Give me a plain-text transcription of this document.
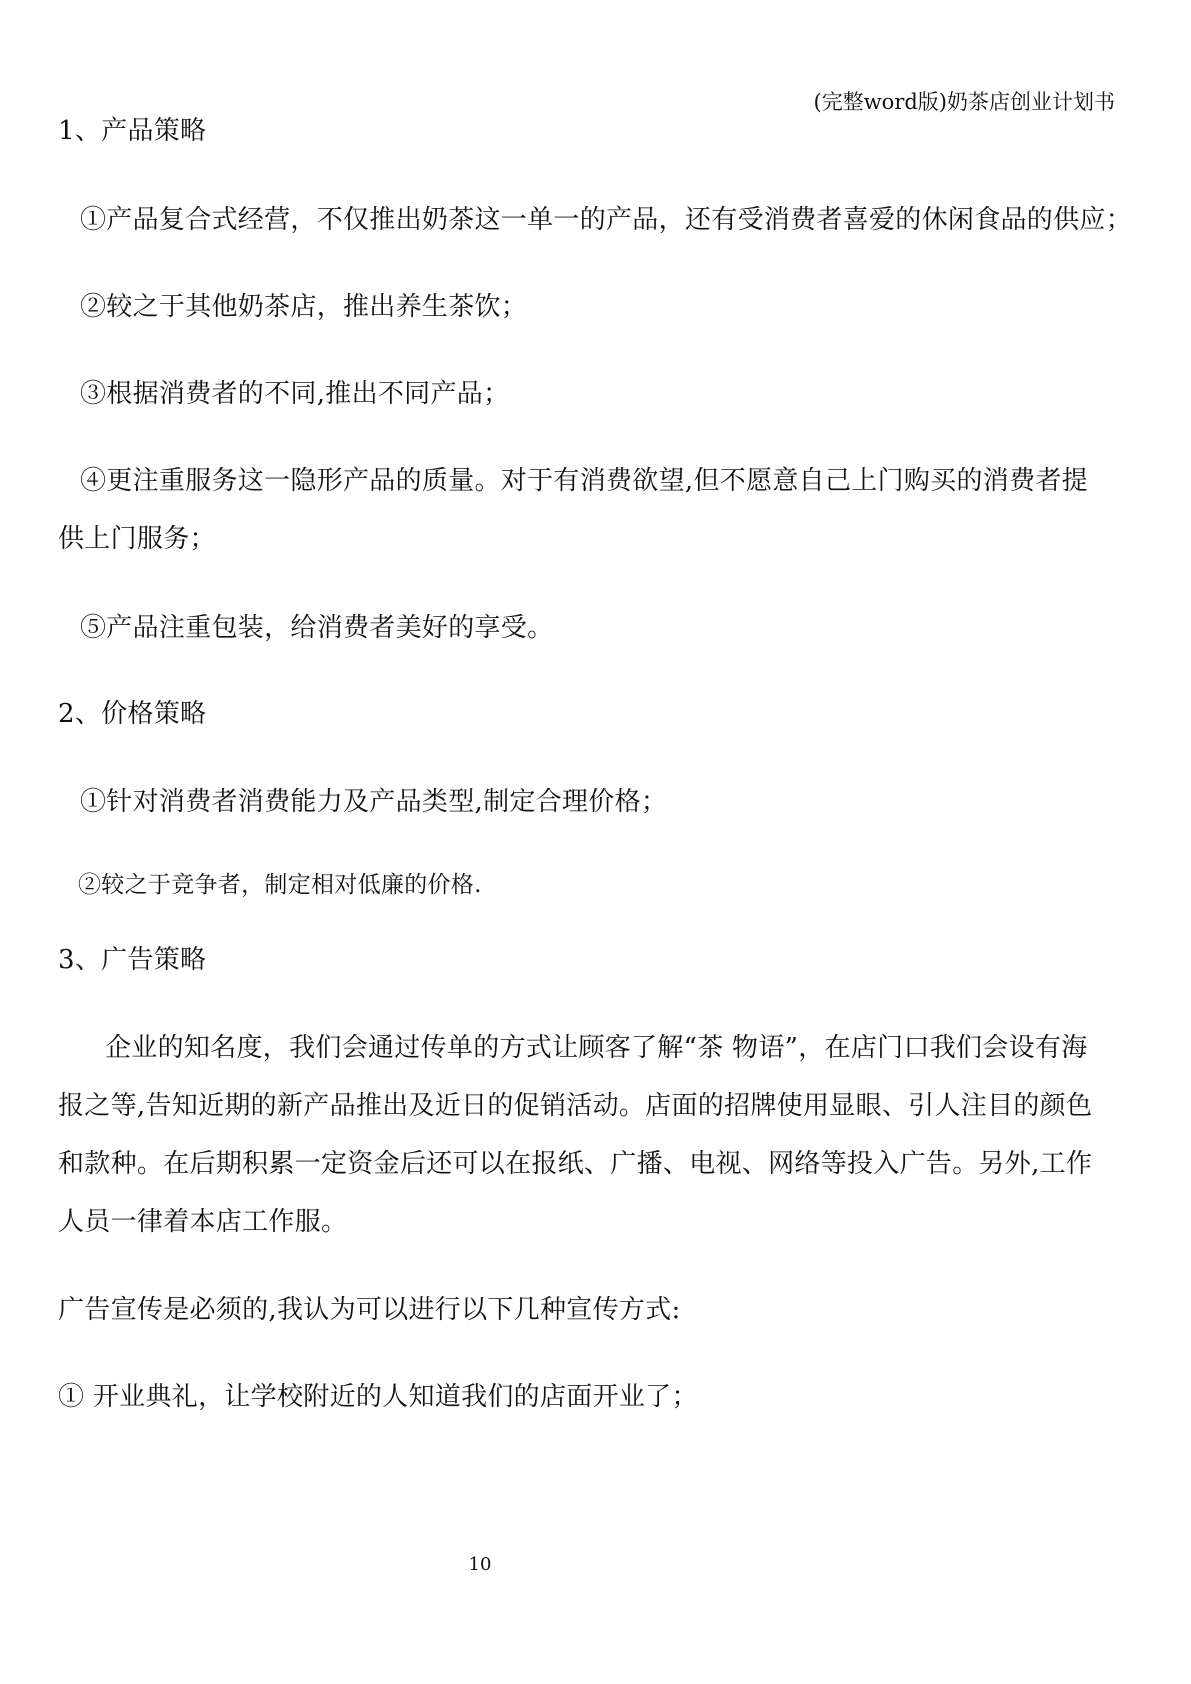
(完整word版)奶茶店创业计划书
1、产品策略
①产品复合式经营，不仅推出奶茶这一单一的产品，还有受消费者喜爱的休闲食品的供应；
②较之于其他奶茶店，推出养生茶饮；
③根据消费者的不同,推出不同产品；
④更注重服务这一隐形产品的质量。对于有消费欲望,但不愿意自己上门购买的消费者提
供上门服务；
⑤产品注重包装，给消费者美好的享受。
2、价格策略
①针对消费者消费能力及产品类型,制定合理价格；
②较之于竞争者，制定相对低廉的价格.
3、广告策略
企业的知名度，我们会通过传单的方式让顾客了解“茶 物语”，在店门口我们会设有海
报之等,告知近期的新产品推出及近日的促销活动。店面的招牌使用显眼、引人注目的颜色
和款种。在后期积累一定资金后还可以在报纸、广播、电视、网络等投入广告。另外,工作
人员一律着本店工作服。
广告宣传是必须的,我认为可以进行以下几种宣传方式:
① 开业典礼，让学校附近的人知道我们的店面开业了；
10
